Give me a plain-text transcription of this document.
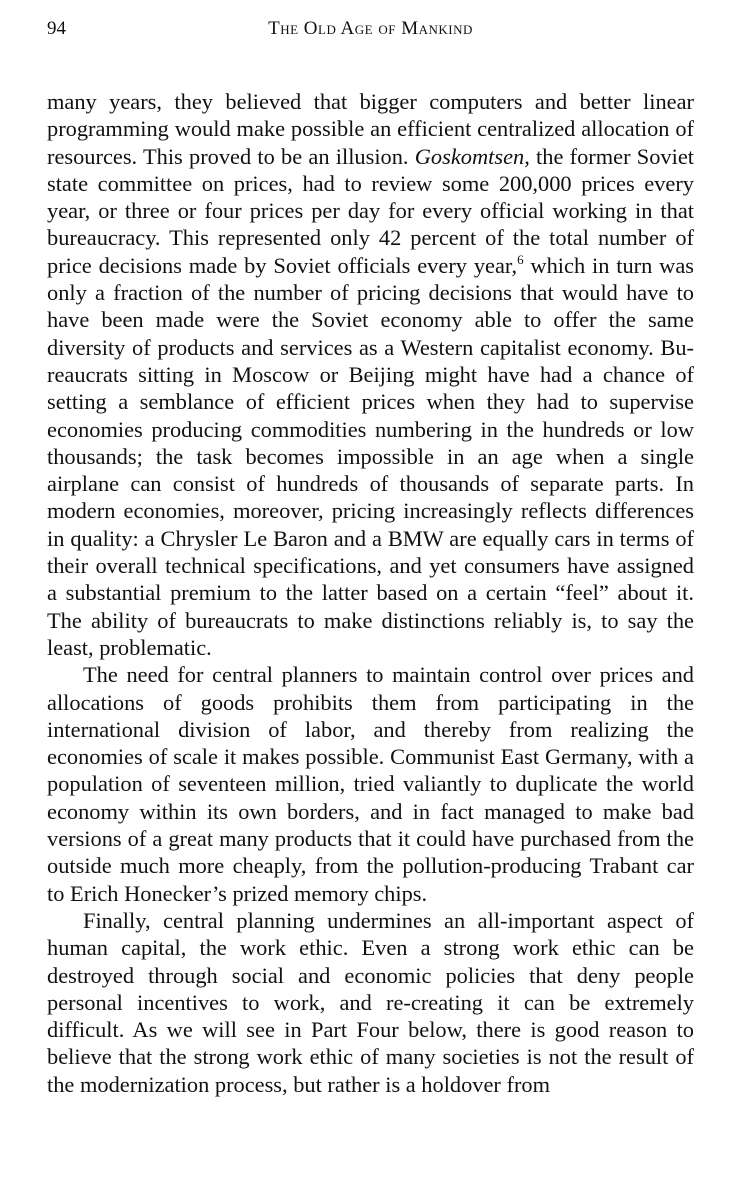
94	The Old Age of Mankind

many years, they believed that bigger computers and better linear programming would make possible an efficient centralized allocation of resources. This proved to be an illusion. Goskomtsen, the former Soviet state committee on prices, had to review some 200,000 prices every year, or three or four prices per day for every official working in that bureaucracy. This represented only 42 percent of the total number of price decisions made by Soviet officials every year,$^6$ which in turn was only a fraction of the number of pricing decisions that would have to have been made were the Soviet economy able to offer the same diversity of products and services as a Western capitalist economy. Bureaucrats sitting in Moscow or Beijing might have had a chance of setting a semblance of efficient prices when they had to supervise economies producing commodities numbering in the hundreds or low thousands; the task becomes impossible in an age when a single airplane can consist of hundreds of thousands of separate parts. In modern economies, moreover, pricing increasingly reflects differences in quality: a Chrysler Le Baron and a BMW are equally cars in terms of their overall technical specifications, and yet consumers have assigned a substantial premium to the latter based on a certain “feel” about it. The ability of bureaucrats to make distinctions reliably is, to say the least, problematic.

The need for central planners to maintain control over prices and allocations of goods prohibits them from participating in the international division of labor, and thereby from realizing the economies of scale it makes possible. Communist East Germany, with a population of seventeen million, tried valiantly to duplicate the world economy within its own borders, and in fact managed to make bad versions of a great many products that it could have purchased from the outside much more cheaply, from the pollution-producing Trabant car to Erich Honecker’s prized memory chips.

Finally, central planning undermines an all-important aspect of human capital, the work ethic. Even a strong work ethic can be destroyed through social and economic policies that deny people personal incentives to work, and re-creating it can be extremely difficult. As we will see in Part Four below, there is good reason to believe that the strong work ethic of many societies is not the result of the modernization process, but rather is a holdover from
